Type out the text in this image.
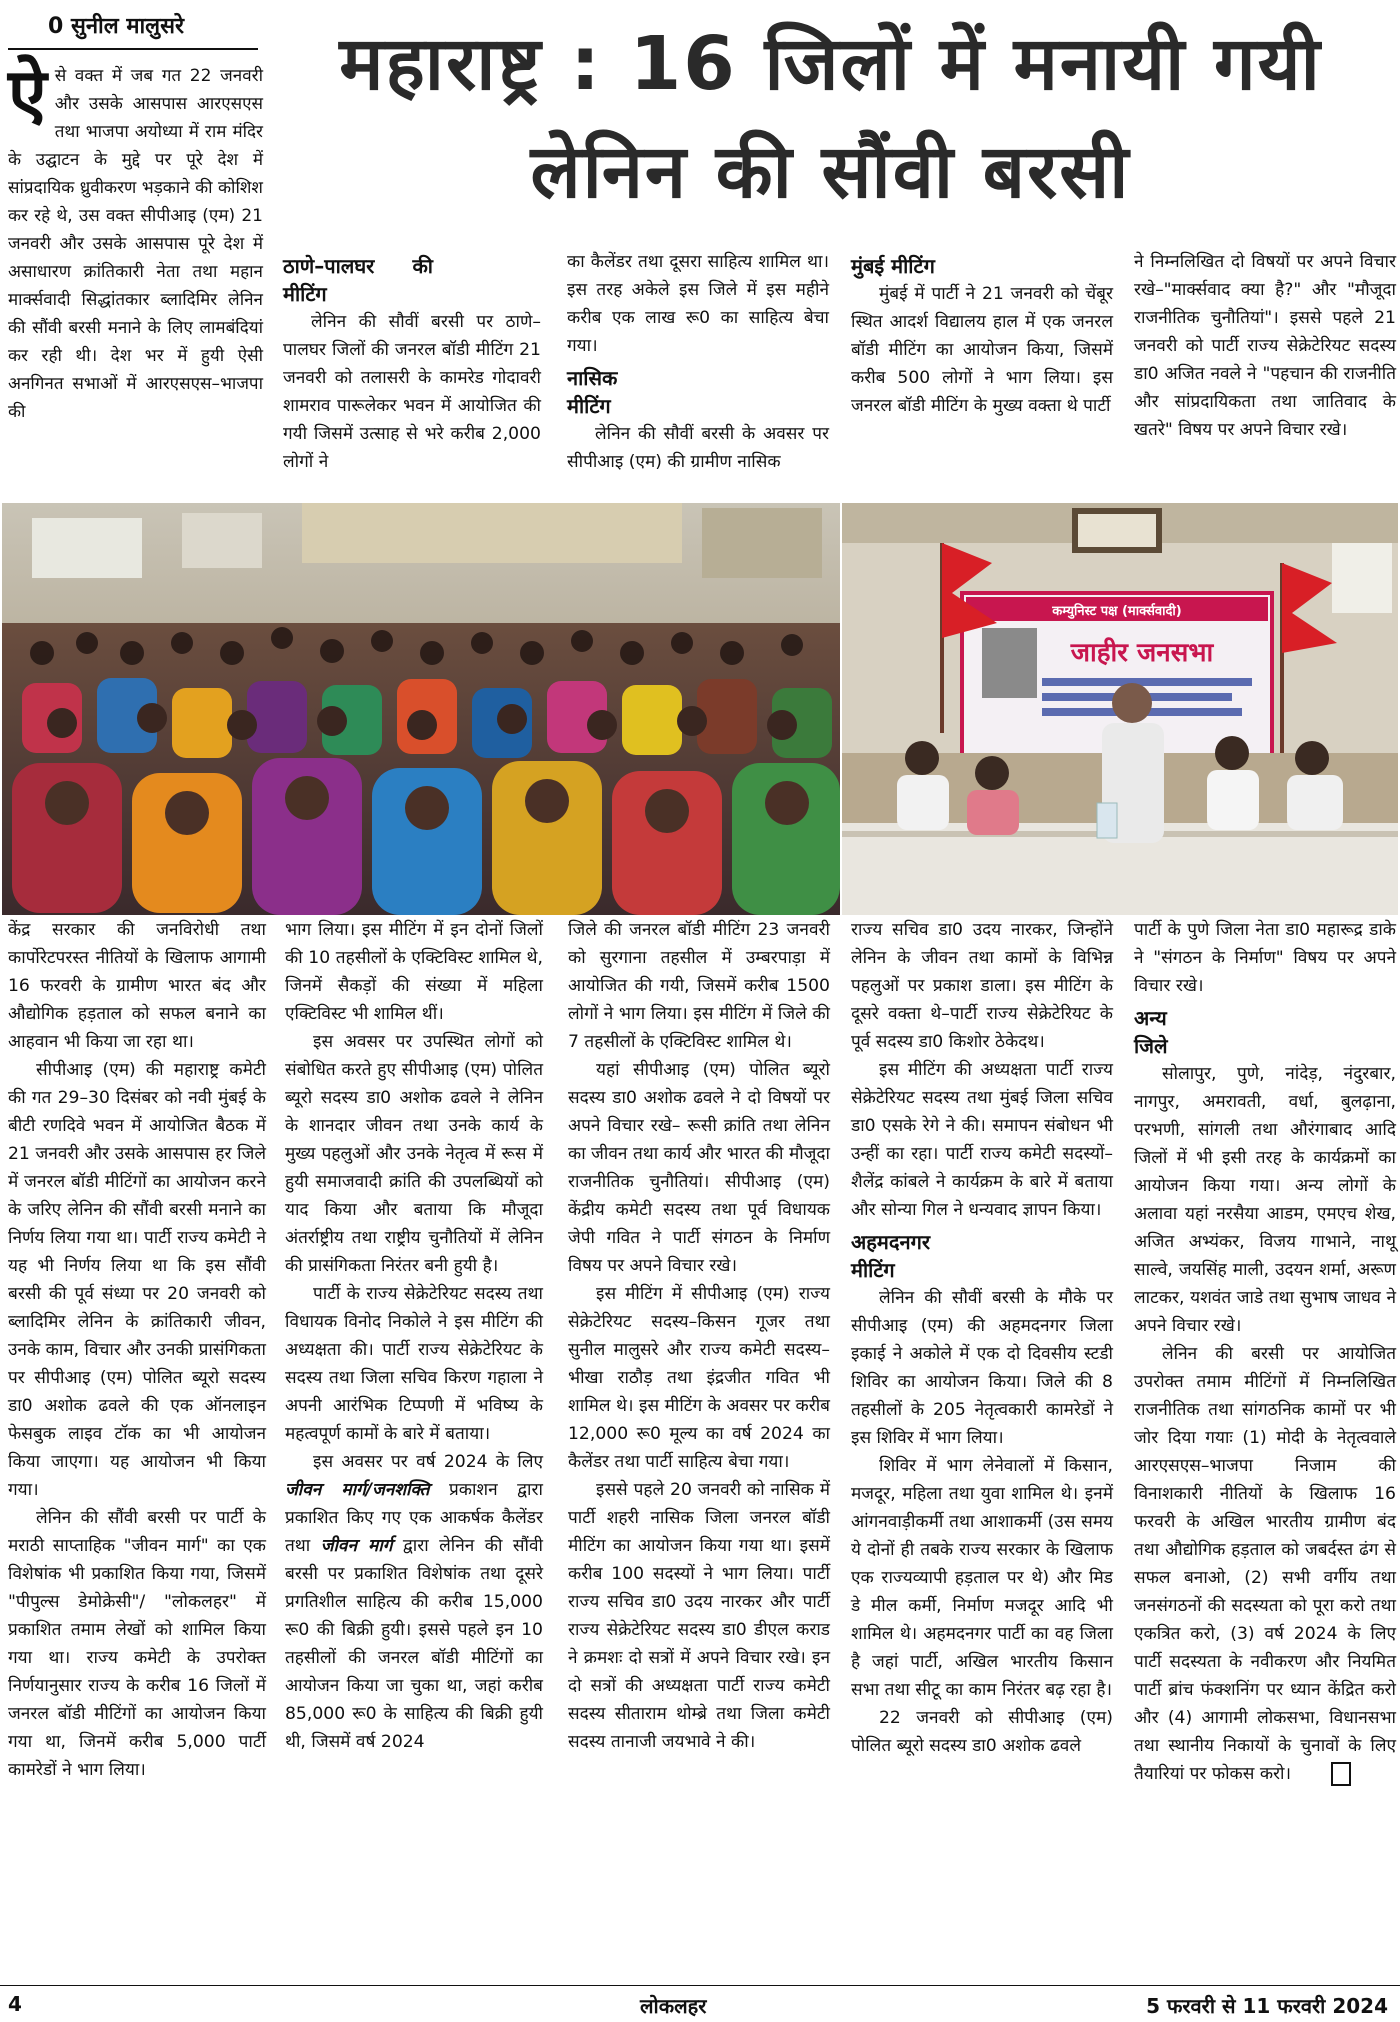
0 सुनील मालुसरे	महाराष्ट्र : 16 जिलों में मनायी गयी
लेनिन की सौंवी बरसी
ऐ से वक्त में जब गत 22 जनवरी और उसके आसपास आरएसएस तथा भाजपा अयोध्या में राम मंदिर के उद्घाटन के मुद्दे पर पूरे देश में सांप्रदायिक ध्रुवीकरण भड़काने की कोशिश कर रहे थे, उस वक्त सीपीआइ (एम) 21 जनवरी और उसके आसपास पूरे देश में असाधारण क्रांतिकारी नेता तथा महान मार्क्सवादी सिद्धांतकार ब्लादिमिर लेनिन की सौंवी बरसी मनाने के लिए लामबंदियां कर रही थी। देश भर में हुयी ऐसी अनगिनत सभाओं में आरएसएस–भाजपा की
ठाणे–पालघर की मीटिंग

लेनिन की सौवीं बरसी पर ठाणे–पालघर जिलों की जनरल बॉडी मीटिंग 21 जनवरी को तलासरी के कामरेड गोदावरी शामराव पारूलेकर भवन में आयोजित की गयी जिसमें उत्साह से भरे करीब 2,000 लोगों ने

का कैलेंडर तथा दूसरा साहित्य शामिल था। इस तरह अकेले इस जिले में इस महीने करीब एक लाख रू0 का साहित्य बेचा गया।

नासिक मीटिंग

लेनिन की सौवीं बरसी के अवसर पर सीपीआइ (एम) की ग्रामीण नासिक

मुंबई मीटिंग

मुंबई में पार्टी ने 21 जनवरी को चेंबूर स्थित आदर्श विद्यालय हाल में एक जनरल बॉडी मीटिंग का आयोजन किया, जिसमें करीब 500 लोगों ने भाग लिया। इस जनरल बॉडी मीटिंग के मुख्य वक्ता थे पार्टी

ने निम्नलिखित दो विषयों पर अपने विचार रखे–"मार्क्सवाद क्या है?" और "मौजूदा राजनीतिक चुनौतियां"। इससे पहले 21 जनवरी को पार्टी राज्य सेक्रेटेरियट सदस्य डा0 अजित नवले ने "पहचान की राजनीति और सांप्रदायिकता तथा जातिवाद के खतरे" विषय पर अपने विचार रखे।

कम्युनिस्ट पक्ष (मार्क्सवादी)
जाहीर जनसभा

केंद्र सरकार की जनविरोधी तथा कार्पोरेटपरस्त नीतियों के खिलाफ आगामी 16 फरवरी के ग्रामीण भारत बंद और औद्योगिक हड़ताल को सफल बनाने का आहवान भी किया जा रहा था।

सीपीआइ (एम) की महाराष्ट्र कमेटी की गत 29–30 दिसंबर को नवी मुंबई के बीटी रणदिवे भवन में आयोजित बैठक में 21 जनवरी और उसके आसपास हर जिले में जनरल बॉडी मीटिंगों का आयोजन करने के जरिए लेनिन की सौंवी बरसी मनाने का निर्णय लिया गया था। पार्टी राज्य कमेटी ने यह भी निर्णय लिया था कि इस सौंवी बरसी की पूर्व संध्या पर 20 जनवरी को ब्लादिमिर लेनिन के क्रांतिकारी जीवन, उनके काम, विचार और उनकी प्रासंगिकता पर सीपीआइ (एम) पोलित ब्यूरो सदस्य डा0 अशोक ढवले की एक ऑनलाइन फेसबुक लाइव टॉक का भी आयोजन किया जाएगा। यह आयोजन भी किया गया।

लेनिन की सौंवी बरसी पर पार्टी के मराठी साप्ताहिक "जीवन मार्ग" का एक विशेषांक भी प्रकाशित किया गया, जिसमें "पीपुल्स डेमोक्रेसी"/ "लोकलहर" में प्रकाशित तमाम लेखों को शामिल किया गया था। राज्य कमेटी के उपरोक्त निर्णयानुसार राज्य के करीब 16 जिलों में जनरल बॉडी मीटिंगों का आयोजन किया गया था, जिनमें करीब 5,000 पार्टी कामरेडों ने भाग लिया।

भाग लिया। इस मीटिंग में इन दोनों जिलों की 10 तहसीलों के एक्टिविस्ट शामिल थे, जिनमें सैकड़ों की संख्या में महिला एक्टिविस्ट भी शामिल थीं।

इस अवसर पर उपस्थित लोगों को संबोधित करते हुए सीपीआइ (एम) पोलित ब्यूरो सदस्य डा0 अशोक ढवले ने लेनिन के शानदार जीवन तथा उनके कार्य के मुख्य पहलुओं और उनके नेतृत्व में रूस में हुयी समाजवादी क्रांति की उपलब्धियों को याद किया और बताया कि मौजूदा अंतर्राष्ट्रीय तथा राष्ट्रीय चुनौतियों में लेनिन की प्रासंगिकता निरंतर बनी हुयी है।

पार्टी के राज्य सेक्रेटेरियट सदस्य तथा विधायक विनोद निकोले ने इस मीटिंग की अध्यक्षता की। पार्टी राज्य सेक्रेटेरियट के सदस्य तथा जिला सचिव किरण गहाला ने अपनी आरंभिक टिप्पणी में भविष्य के महत्वपूर्ण कामों के बारे में बताया।

इस अवसर पर वर्ष 2024 के लिए जीवन मार्ग/जनशक्ति प्रकाशन द्वारा प्रकाशित किए गए एक आकर्षक कैलेंडर तथा जीवन मार्ग द्वारा लेनिन की सौंवी बरसी पर प्रकाशित विशेषांक तथा दूसरे प्रगतिशील साहित्य की करीब 15,000 रू0 की बिक्री हुयी। इससे पहले इन 10 तहसीलों की जनरल बॉडी मीटिंगों का आयोजन किया जा चुका था, जहां करीब 85,000 रू0 के साहित्य की बिक्री हुयी थी, जिसमें वर्ष 2024

जिले की जनरल बॉडी मीटिंग 23 जनवरी को सुरगाना तहसील में उम्बरपाड़ा में आयोजित की गयी, जिसमें करीब 1500 लोगों ने भाग लिया। इस मीटिंग में जिले की 7 तहसीलों के एक्टिविस्ट शामिल थे।

यहां सीपीआइ (एम) पोलित ब्यूरो सदस्य डा0 अशोक ढवले ने दो विषयों पर अपने विचार रखे– रूसी क्रांति तथा लेनिन का जीवन तथा कार्य और भारत की मौजूदा राजनीतिक चुनौतियां। सीपीआइ (एम) केंद्रीय कमेटी सदस्य तथा पूर्व विधायक जेपी गवित ने पार्टी संगठन के निर्माण विषय पर अपने विचार रखे।

इस मीटिंग में सीपीआइ (एम) राज्य सेक्रेटेरियट सदस्य–किसन गूजर तथा सुनील मालुसरे और राज्य कमेटी सदस्य–भीखा राठौड़ तथा इंद्रजीत गवित भी शामिल थे। इस मीटिंग के अवसर पर करीब 12,000 रू0 मूल्य का वर्ष 2024 का कैलेंडर तथा पार्टी साहित्य बेचा गया।

इससे पहले 20 जनवरी को नासिक में पार्टी शहरी नासिक जिला जनरल बॉडी मीटिंग का आयोजन किया गया था। इसमें करीब 100 सदस्यों ने भाग लिया। पार्टी राज्य सचिव डा0 उदय नारकर और पार्टी राज्य सेक्रेटेरियट सदस्य डा0 डीएल कराड ने क्रमशः दो सत्रों में अपने विचार रखे। इन दो सत्रों की अध्यक्षता पार्टी राज्य कमेटी सदस्य सीताराम थोम्ब्रे तथा जिला कमेटी सदस्य तानाजी जयभावे ने की।

राज्य सचिव डा0 उदय नारकर, जिन्होंने लेनिन के जीवन तथा कामों के विभिन्न पहलुओं पर प्रकाश डाला। इस मीटिंग के दूसरे वक्ता थे–पार्टी राज्य सेक्रेटेरियट के पूर्व सदस्य डा0 किशोर ठेकेदथ।

इस मीटिंग की अध्यक्षता पार्टी राज्य सेक्रेटेरियट सदस्य तथा मुंबई जिला सचिव डा0 एसके रेगे ने की। समापन संबोधन भी उन्हीं का रहा। पार्टी राज्य कमेटी सदस्यों–शैलेंद्र कांबले ने कार्यक्रम के बारे में बताया और सोन्या गिल ने धन्यवाद ज्ञापन किया।

अहमदनगर मीटिंग

लेनिन की सौवीं बरसी के मौके पर सीपीआइ (एम) की अहमदनगर जिला इकाई ने अकोले में एक दो दिवसीय स्टडी शिविर का आयोजन किया। जिले की 8 तहसीलों के 205 नेतृत्वकारी कामरेडों ने इस शिविर में भाग लिया।

शिविर में भाग लेनेवालों में किसान, मजदूर, महिला तथा युवा शामिल थे। इनमें आंगनवाड़ीकर्मी तथा आशाकर्मी (उस समय ये दोनों ही तबके राज्य सरकार के खिलाफ एक राज्यव्यापी हड़ताल पर थे) और मिड डे मील कर्मी, निर्माण मजदूर आदि भी शामिल थे। अहमदनगर पार्टी का वह जिला है जहां पार्टी, अखिल भारतीय किसान सभा तथा सीटू का काम निरंतर बढ़ रहा है।

22 जनवरी को सीपीआइ (एम) पोलित ब्यूरो सदस्य डा0 अशोक ढवले

पार्टी के पुणे जिला नेता डा0 महारूद्र डाके ने "संगठन के निर्माण" विषय पर अपने विचार रखे।

अन्य जिले

सोलापुर, पुणे, नांदेड़, नंदुरबार, नागपुर, अमरावती, वर्धा, बुलढ़ाना, परभणी, सांगली तथा औरंगाबाद आदि जिलों में भी इसी तरह के कार्यक्रमों का आयोजन किया गया। अन्य लोगों के अलावा यहां नरसैया आडम, एमएच शेख, अजित अभ्यंकर, विजय गाभाने, नाथू साल्वे, जयसिंह माली, उदयन शर्मा, अरूण लाटकर, यशवंत जाडे तथा सुभाष जाधव ने अपने विचार रखे।

लेनिन की बरसी पर आयोजित उपरोक्त तमाम मीटिंगों में निम्नलिखित राजनीतिक तथा सांगठनिक कामों पर भी जोर दिया गयाः (1) मोदी के नेतृत्ववाले आरएसएस–भाजपा निजाम की विनाशकारी नीतियों के खिलाफ 16 फरवरी के अखिल भारतीय ग्रामीण बंद तथा औद्योगिक हड़ताल को जबर्दस्त ढंग से सफल बनाओ, (2) सभी वर्गीय तथा जनसंगठनों की सदस्यता को पूरा करो तथा एकत्रित करो, (3) वर्ष 2024 के लिए पार्टी सदस्यता के नवीकरण और नियमित पार्टी ब्रांच फंक्शनिंग पर ध्यान केंद्रित करो और (4) आगामी लोकसभा, विधानसभा तथा स्थानीय निकायों के चुनावों के लिए तैयारियां पर फोकस करो।

4	लोकलहर	5 फरवरी से 11 फरवरी 2024
